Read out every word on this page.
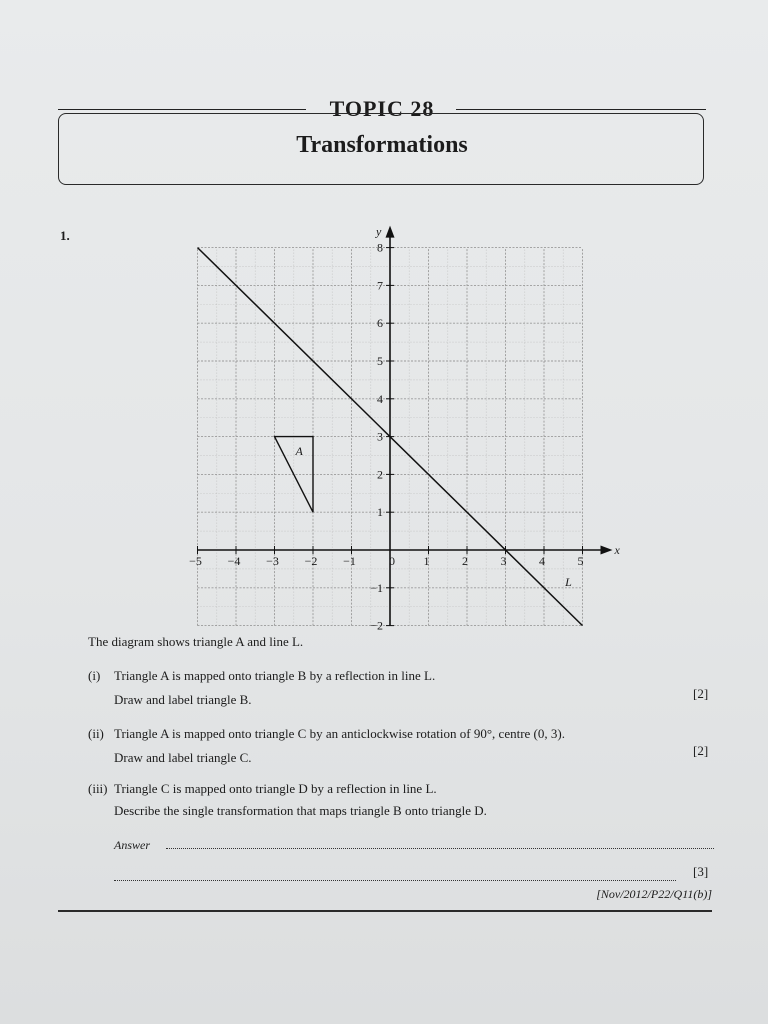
TOPIC 28
Transformations
1.
x
y
−5 −4 −3 −2 −1	0 1	2	3	4	5
−2
−1
1
2
3
4
5
6
7
8
L
A
The diagram shows triangle A and line L.
(i) Triangle A is mapped onto triangle B by a reflection in line L.
Draw and label triangle B.	[2]
(ii) Triangle A is mapped onto triangle C by an anticlockwise rotation of 90°, centre (0, 3).
Draw and label triangle C.	[2]
(iii) Triangle C is mapped onto triangle D by a reflection in line L.
Describe the single transformation that maps triangle B onto triangle D.
Answer
[3]
[Nov/2012/P22/Q11(b)]
